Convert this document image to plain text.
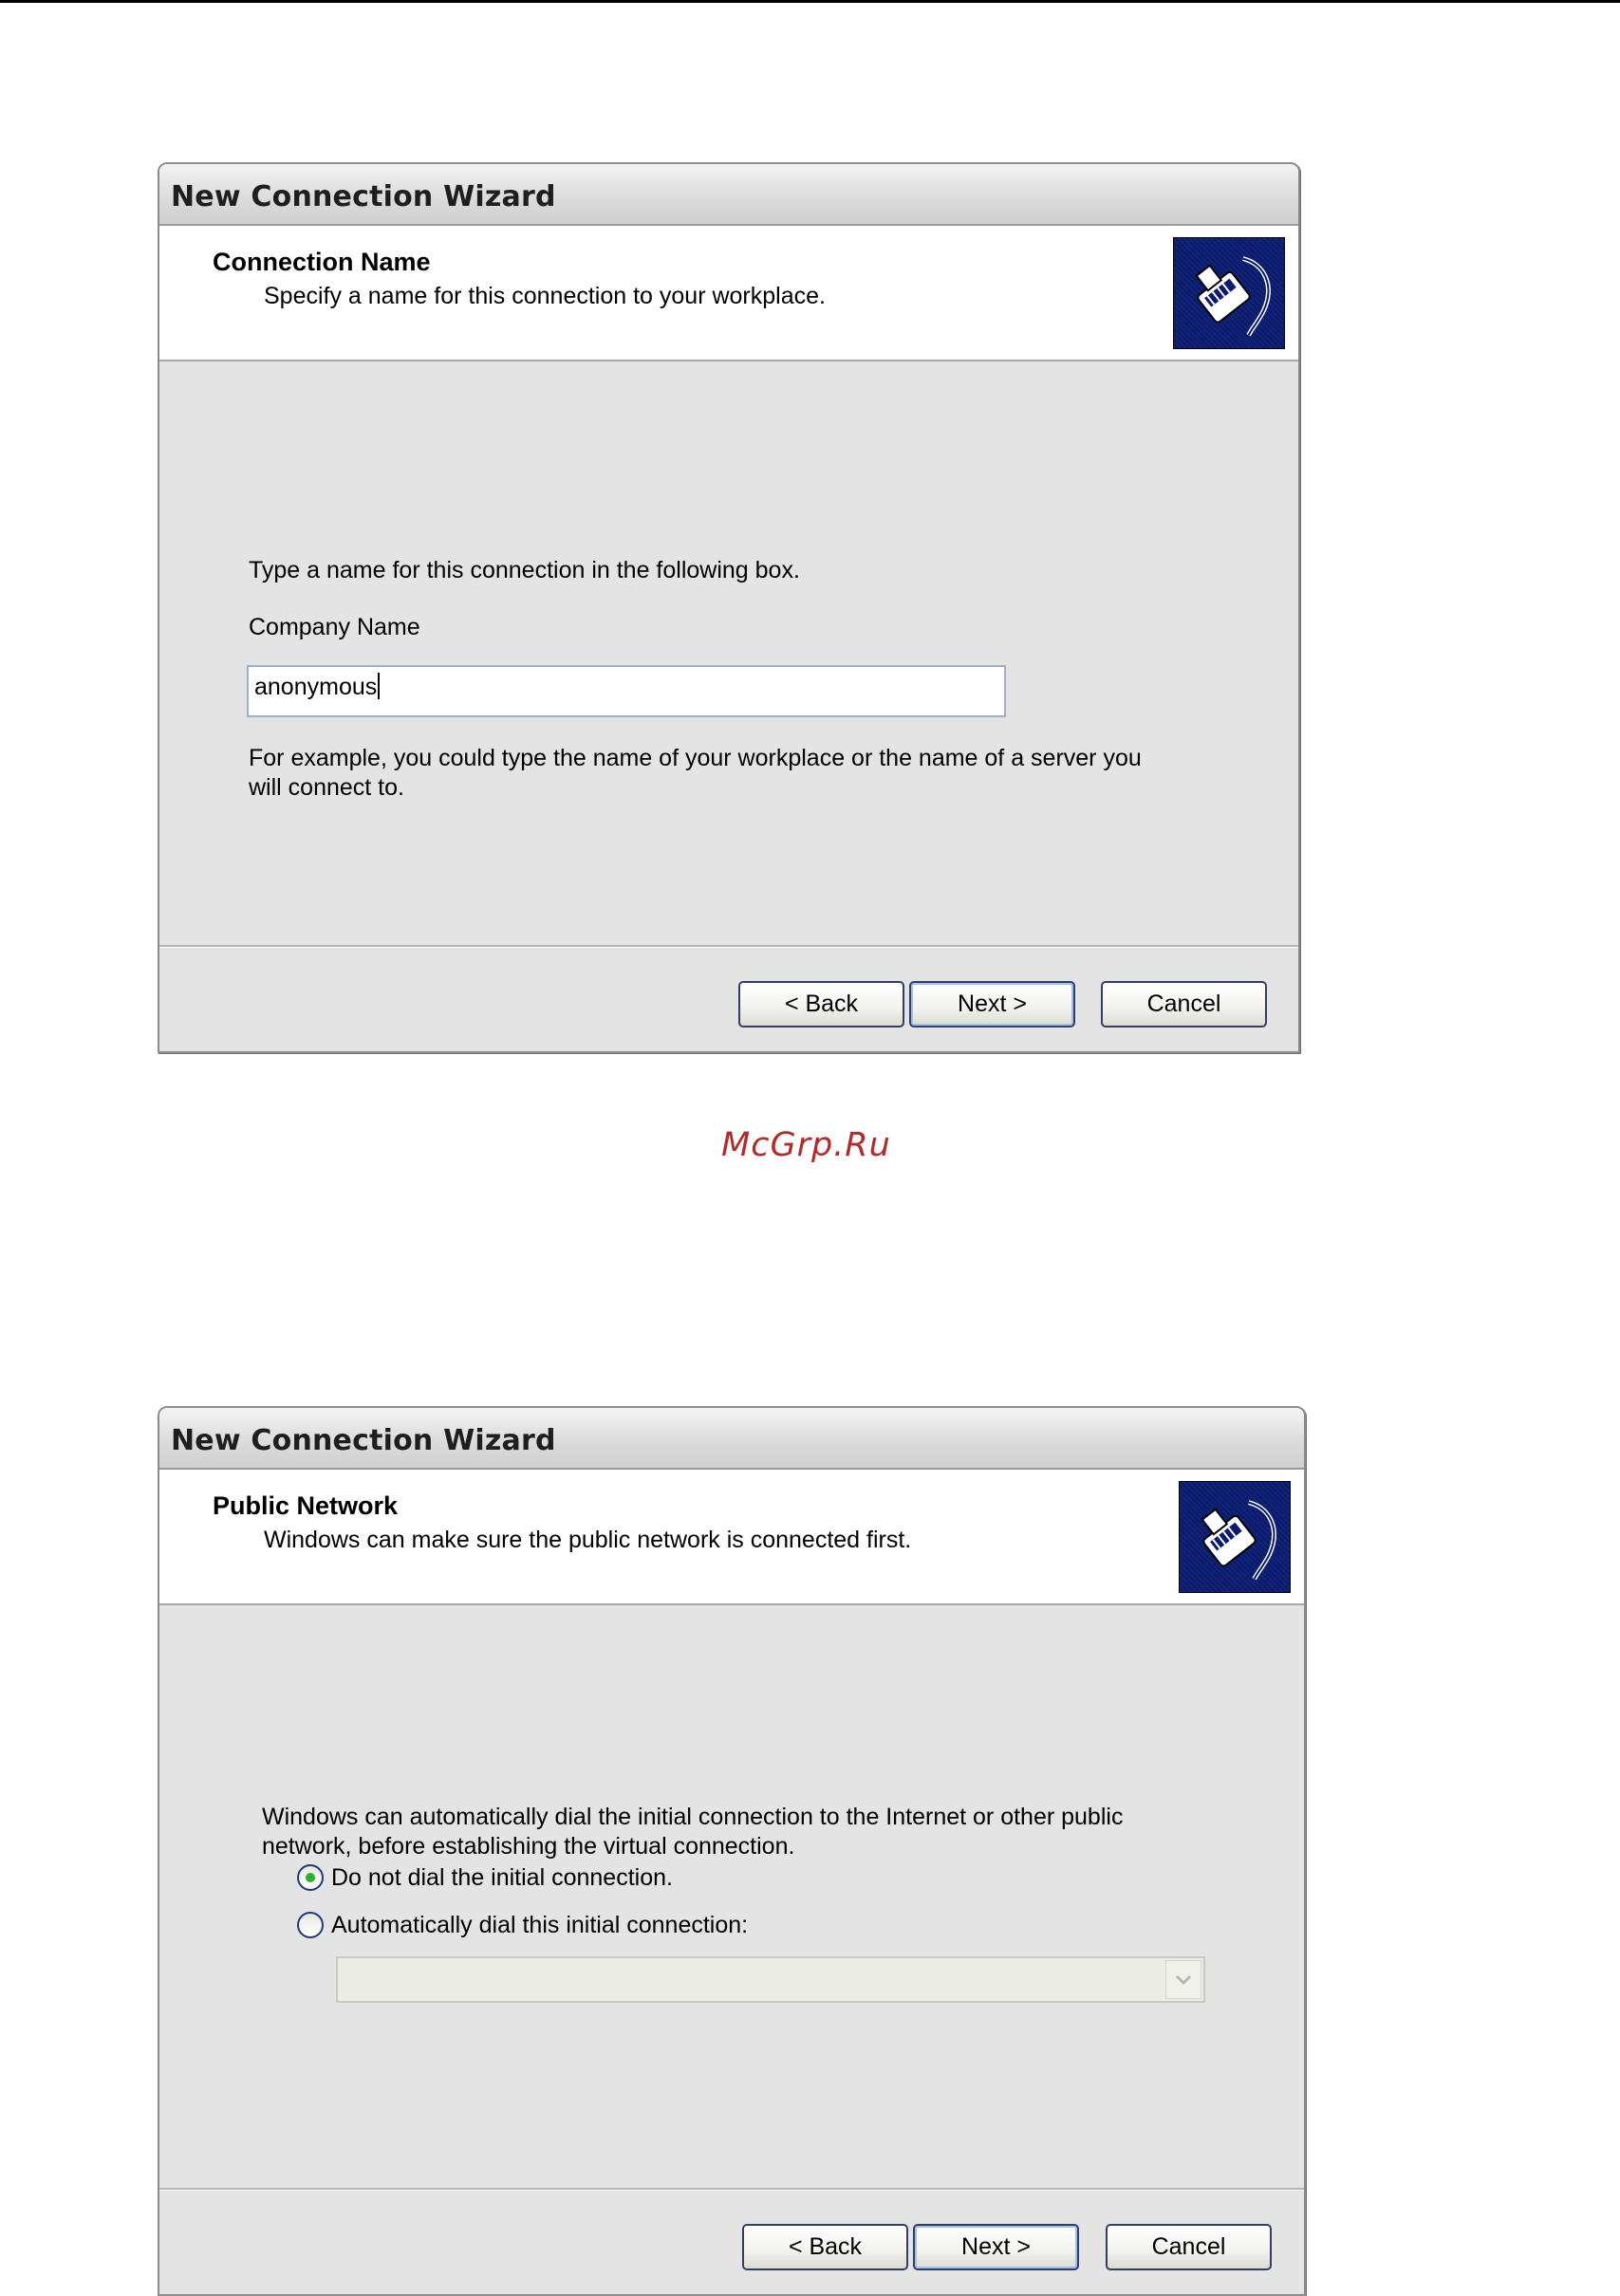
New Connection Wizard
Connection Name
Specify a name for this connection to your workplace.
Type a name for this connection in the following box.
Company Name
anonymous
For example, you could type the name of your workplace or the name of a server you
will connect to.
< Back	Next >	Cancel
McGrp.Ru
New Connection Wizard
Public Network
Windows can make sure the public network is connected first.
Windows can automatically dial the initial connection to the Internet or other public
network, before establishing the virtual connection.
Do not dial the initial connection.
Automatically dial this initial connection:
< Back	Next >	Cancel
